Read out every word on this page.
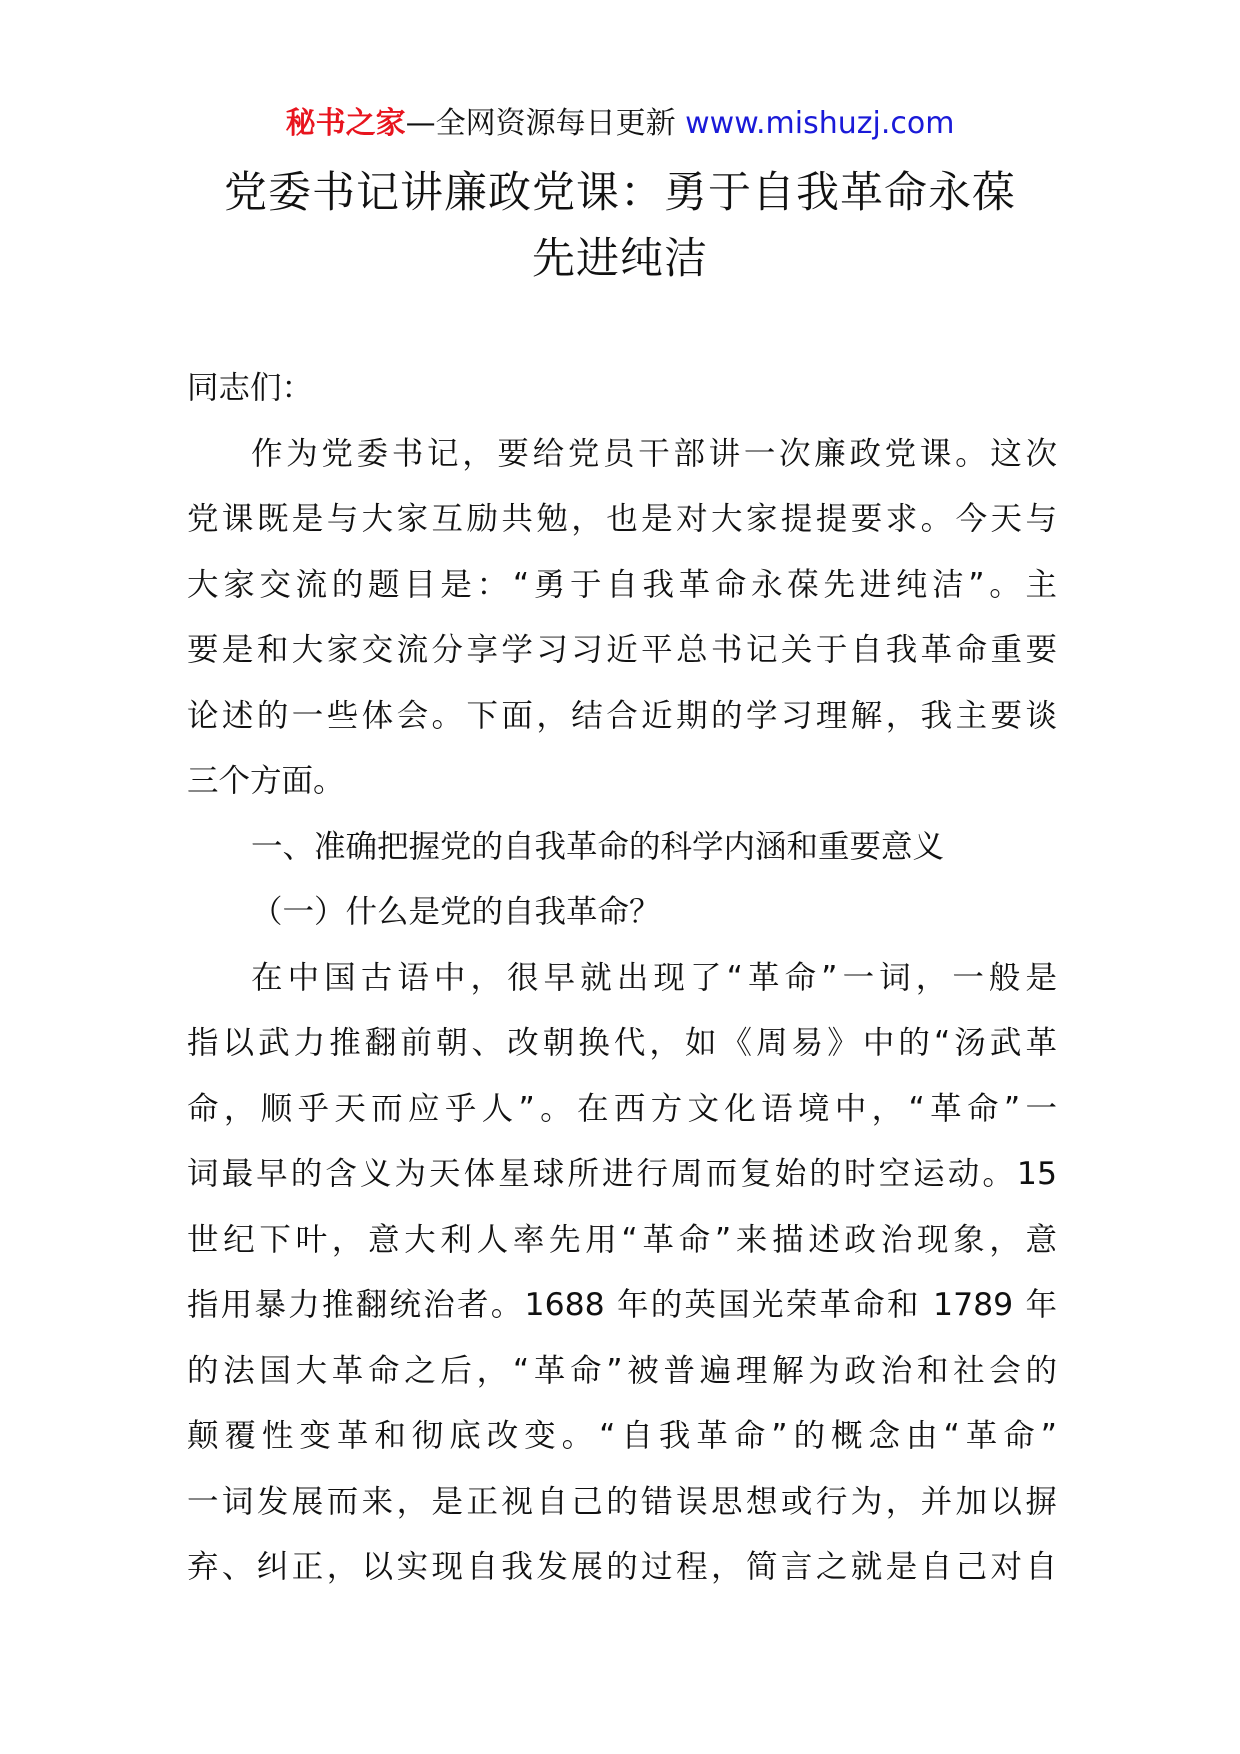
秘书之家—全网资源每日更新 www.mishuzj.com
党委书记讲廉政党课：勇于自我革命永葆
先进纯洁
同志们：
作为党委书记，要给党员干部讲一次廉政党课。这次
党课既是与大家互励共勉，也是对大家提提要求。今天与
大家交流的题目是：“勇于自我革命永葆先进纯洁”。主
要是和大家交流分享学习习近平总书记关于自我革命重要
论述的一些体会。下面，结合近期的学习理解，我主要谈
三个方面。
一、准确把握党的自我革命的科学内涵和重要意义
（一）什么是党的自我革命？
在中国古语中，很早就出现了“革命”一词，一般是
指以武力推翻前朝、改朝换代，如《周易》中的“汤武革
命，顺乎天而应乎人”。在西方文化语境中，“革命”一
词最早的含义为天体星球所进行周而复始的时空运动。15
世纪下叶，意大利人率先用“革命”来描述政治现象，意
指用暴力推翻统治者。1688 年的英国光荣革命和 1789 年
的法国大革命之后，“革命”被普遍理解为政治和社会的
颠覆性变革和彻底改变。“自我革命”的概念由“革命”
一词发展而来，是正视自己的错误思想或行为，并加以摒
弃、纠正，以实现自我发展的过程，简言之就是自己对自
